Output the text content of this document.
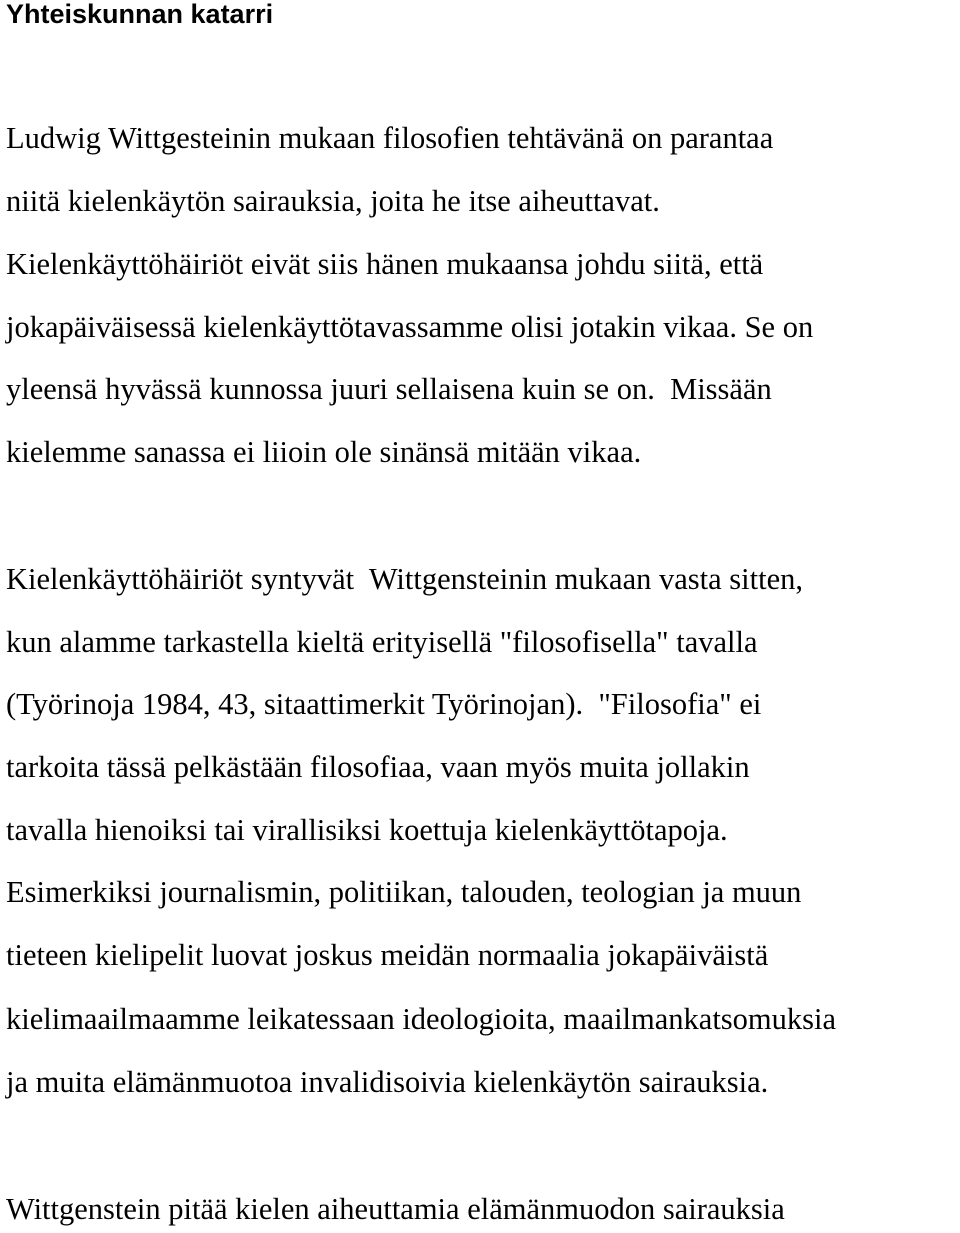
Yhteiskunnan katarri

Ludwig Wittgesteinin mukaan filosofien tehtävänä on parantaa

niitä kielenkäytön sairauksia, joita he itse aiheuttavat.

Kielenkäyttöhäiriöt eivät siis hänen mukaansa johdu siitä, että

jokapäiväisessä kielenkäyttötavassamme olisi jotakin vikaa. Se on

yleensä hyvässä kunnossa juuri sellaisena kuin se on.  Missään

kielemme sanassa ei liioin ole sinänsä mitään vikaa.

Kielenkäyttöhäiriöt syntyvät  Wittgensteinin mukaan vasta sitten,

kun alamme tarkastella kieltä erityisellä "filosofisella" tavalla

(Työrinoja 1984, 43, sitaattimerkit Työrinojan).  "Filosofia" ei

tarkoita tässä pelkästään filosofiaa, vaan myös muita jollakin

tavalla hienoiksi tai virallisiksi koettuja kielenkäyttötapoja.

Esimerkiksi journalismin, politiikan, talouden, teologian ja muun

tieteen kielipelit luovat joskus meidän normaalia jokapäiväistä

kielimaailmaamme leikatessaan ideologioita, maailmankatsomuksia

ja muita elämänmuotoa invalidisoivia kielenkäytön sairauksia.

Wittgenstein pitää kielen aiheuttamia elämänmuodon sairauksia
